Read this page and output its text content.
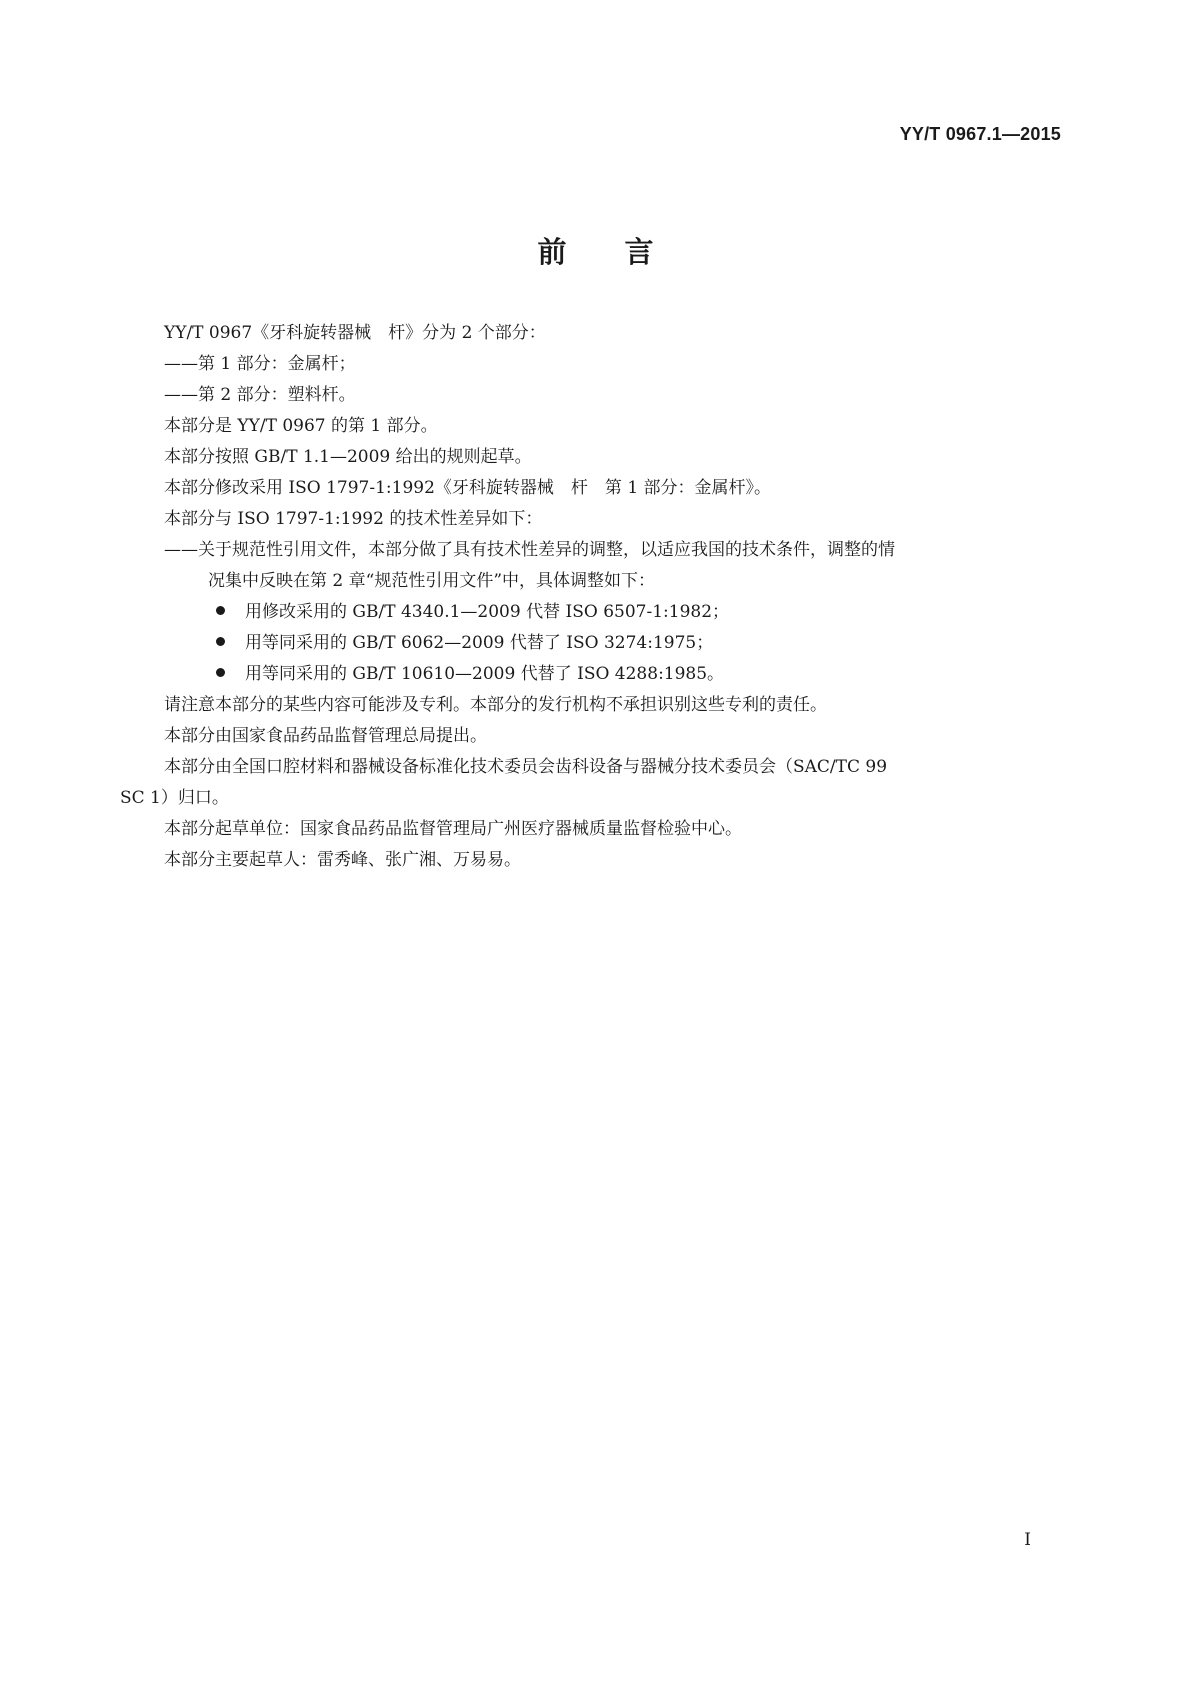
YY/T 0967.1—2015
前言

YY/T 0967《牙科旋转器械　杆》分为 2 个部分：

——第 1 部分：金属杆；

——第 2 部分：塑料杆。

本部分是 YY/T 0967 的第 1 部分。

本部分按照 GB/T 1.1—2009 给出的规则起草。

本部分修改采用 ISO 1797-1:1992《牙科旋转器械　杆　第 1 部分：金属杆》。

本部分与 ISO 1797-1:1992 的技术性差异如下：

——关于规范性引用文件，本部分做了具有技术性差异的调整，以适应我国的技术条件，调整的情

况集中反映在第 2 章“规范性引用文件”中，具体调整如下：

用修改采用的 GB/T 4340.1—2009 代替 ISO 6507-1:1982；

用等同采用的 GB/T 6062—2009 代替了 ISO 3274:1975；

用等同采用的 GB/T 10610—2009 代替了 ISO 4288:1985。

请注意本部分的某些内容可能涉及专利。本部分的发行机构不承担识别这些专利的责任。

本部分由国家食品药品监督管理总局提出。

本部分由全国口腔材料和器械设备标准化技术委员会齿科设备与器械分技术委员会（SAC/TC 99

SC 1）归口。

本部分起草单位：国家食品药品监督管理局广州医疗器械质量监督检验中心。

本部分主要起草人：雷秀峰、张广湘、万易易。

I
